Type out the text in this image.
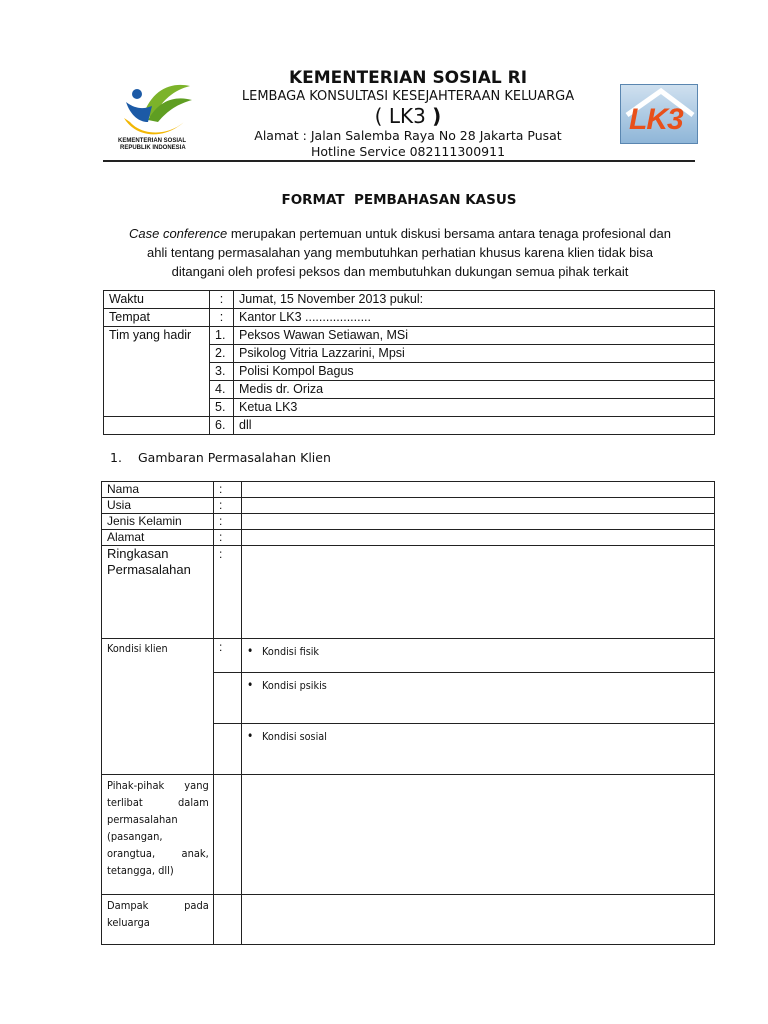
KEMENTERIAN SOSIAL
REPUBLIK INDONESIA
LK3
KEMENTERIAN SOSIAL RI
LEMBAGA KONSULTASI KESEJAHTERAAN KELUARGA
( LK3 )
Alamat : Jalan Salemba Raya No 28 Jakarta Pusat
Hotline Service 082111300911
FORMAT  PEMBAHASAN KASUS
Case conference merupakan pertemuan untuk diskusi bersama antara tenaga profesional dan
ahli tentang permasalahan yang membutuhkan perhatian khusus karena klien tidak bisa
ditangani oleh profesi peksos dan membutuhkan dukungan semua pihak terkait
Waktu	:	Jumat, 15 November 2013 pukul:
Tempat	:	Kantor LK3 ...................
Tim yang hadir	1.	Peksos Wawan Setiawan, MSi
	2.	Psikolog Vitria Lazzarini, Mpsi
	3.	Polisi Kompol Bagus
	4.	Medis dr. Oriza
	5.	Ketua LK3
	6.	dll
1. Gambaran Permasalahan Klien
Nama	:	
Usia	:	
Jenis Kelamin	:	
Alamat	:	

Ringkasan
Permasalahan	:	
Kondisi klien	:	• Kondisi fisik
		• Kondisi psikis
		• Kondisi sosial

Pihak-pihak yang terlibat dalam permasalahan (pasangan, orangtua, anak, tetangga, dll)		

Dampak pada keluarga		
